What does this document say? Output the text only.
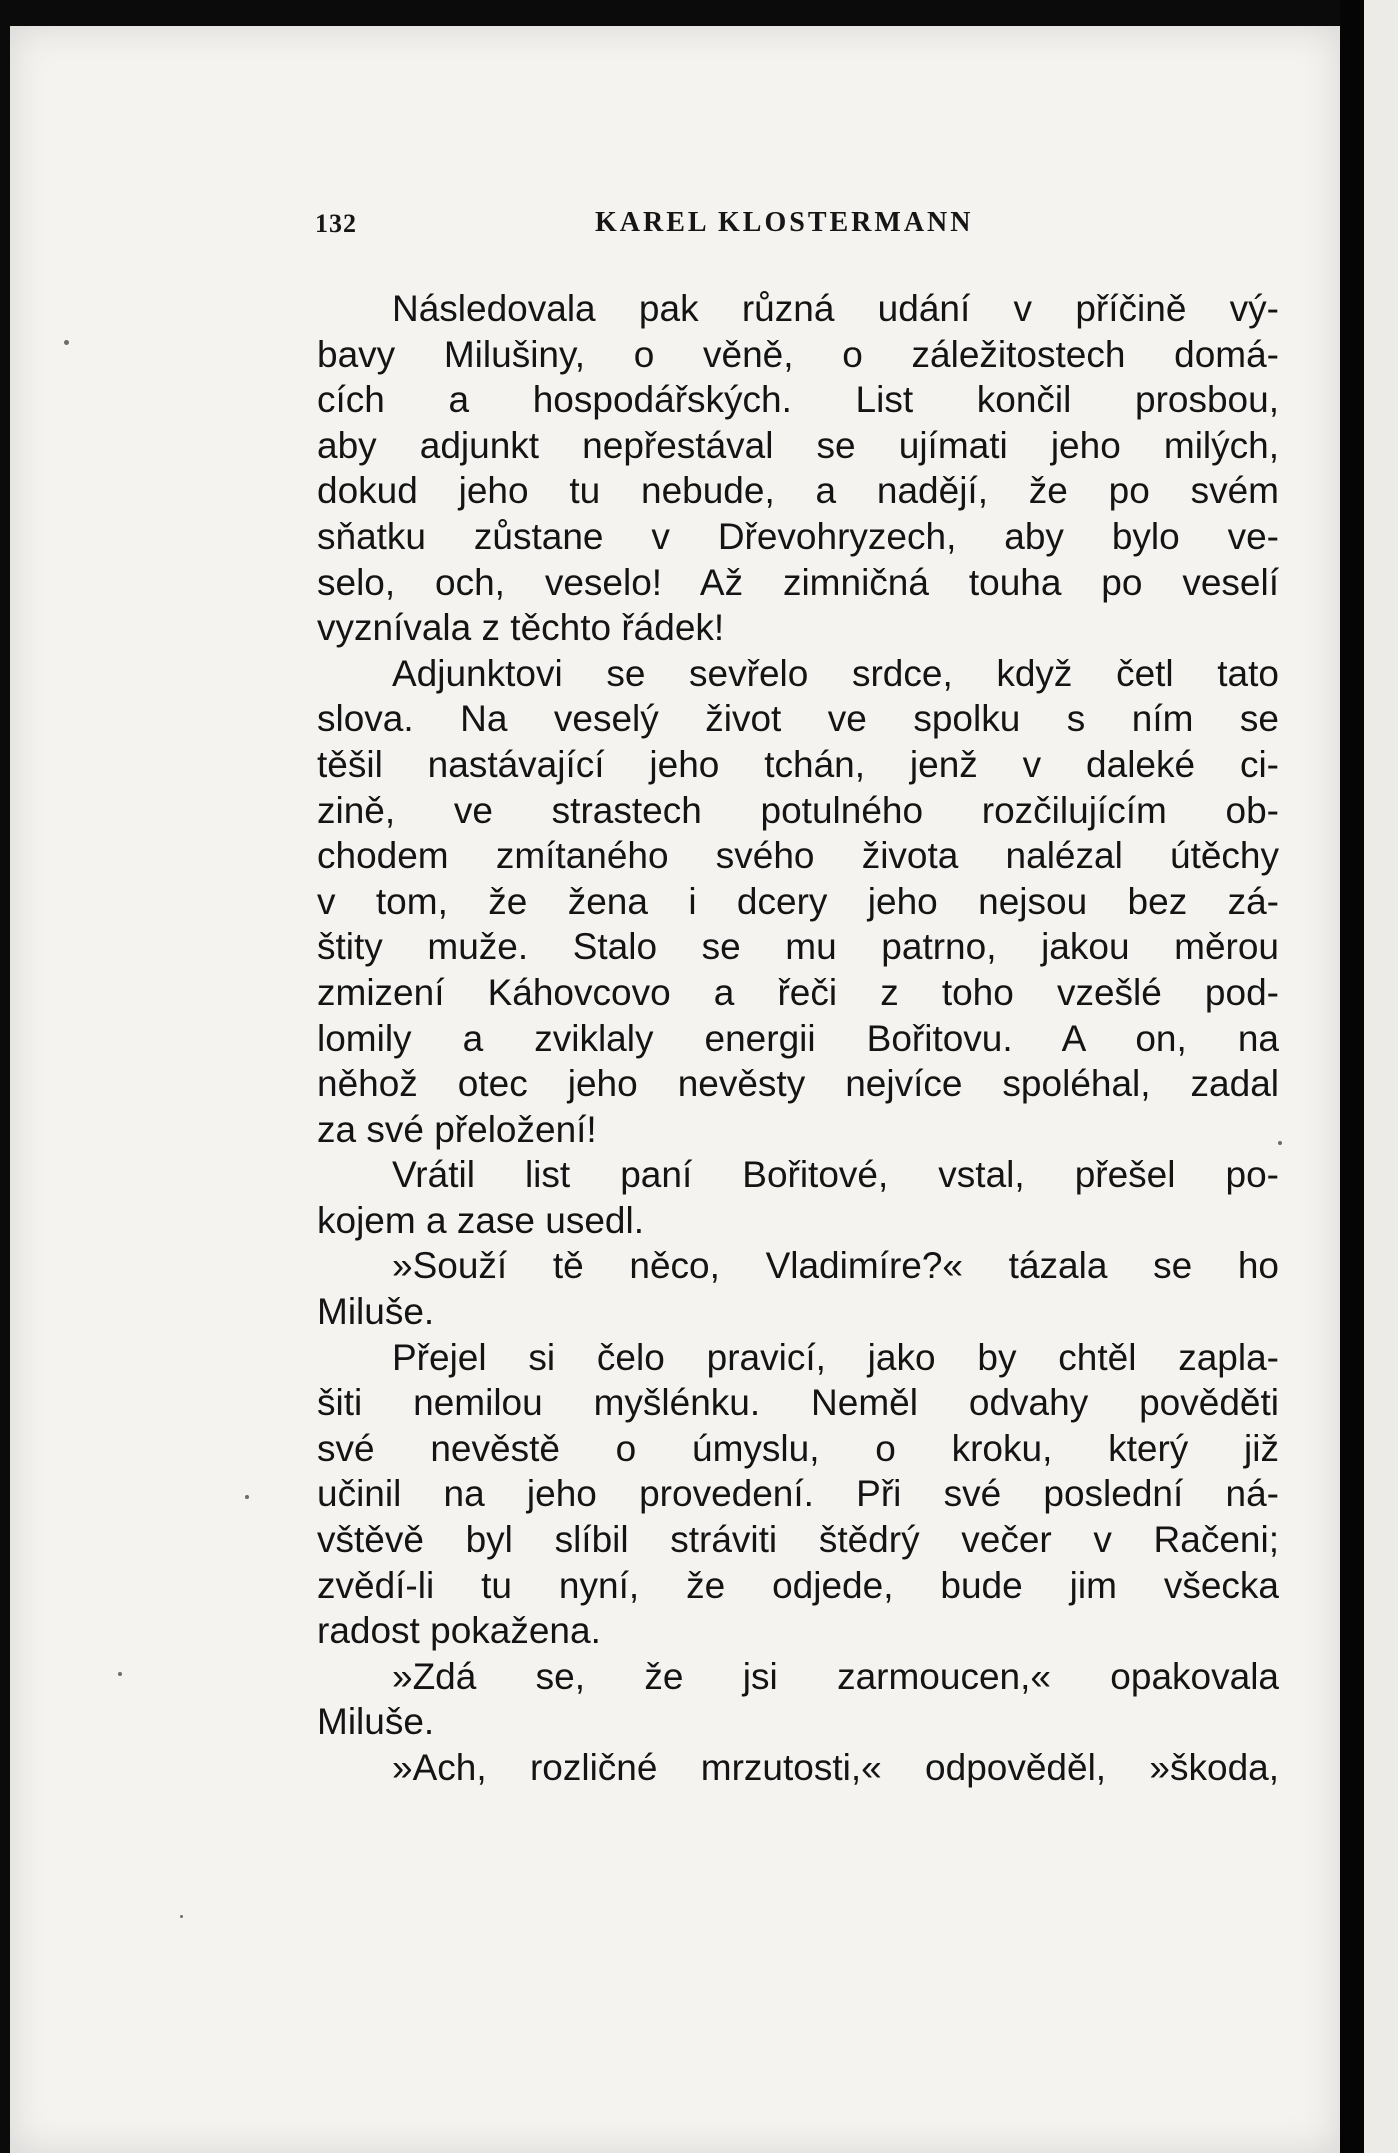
132	KAREL KLOSTERMANN
Následovala pak různá udání v příčině vý-
bavy Milušiny, o věně, o záležitostech domá-
cích a hospodářských. List končil prosbou,
aby adjunkt nepřestával se ujímati jeho milých,
dokud jeho tu nebude, a nadějí, že po svém
sňatku zůstane v Dřevohryzech, aby bylo ve-
selo, och, veselo! Až zimničná touha po veselí
vyznívala z těchto řádek!
Adjunktovi se sevřelo srdce, když četl tato
slova. Na veselý život ve spolku s ním se
těšil nastávající jeho tchán, jenž v daleké ci-
zině, ve strastech potulného rozčilujícím ob-
chodem zmítaného svého života nalézal útěchy
v tom, že žena i dcery jeho nejsou bez zá-
štity muže. Stalo se mu patrno, jakou měrou
zmizení Káhovcovo a řeči z toho vzešlé pod-
lomily a zviklaly energii Bořitovu. A on, na
něhož otec jeho nevěsty nejvíce spoléhal, zadal
za své přeložení!
Vrátil list paní Bořitové, vstal, přešel po-
kojem a zase usedl.
»Souží tě něco, Vladimíre?« tázala se ho
Miluše.
Přejel si čelo pravicí, jako by chtěl zapla-
šiti nemilou myšlénku. Neměl odvahy pověděti
své nevěstě o úmyslu, o kroku, který již
učinil na jeho provedení. Při své poslední ná-
vštěvě byl slíbil stráviti štědrý večer v Račeni;
zvědí-li tu nyní, že odjede, bude jim všecka
radost pokažena.
»Zdá se, že jsi zarmoucen,« opakovala
Miluše.
»Ach, rozličné mrzutosti,« odpověděl, »škoda,
